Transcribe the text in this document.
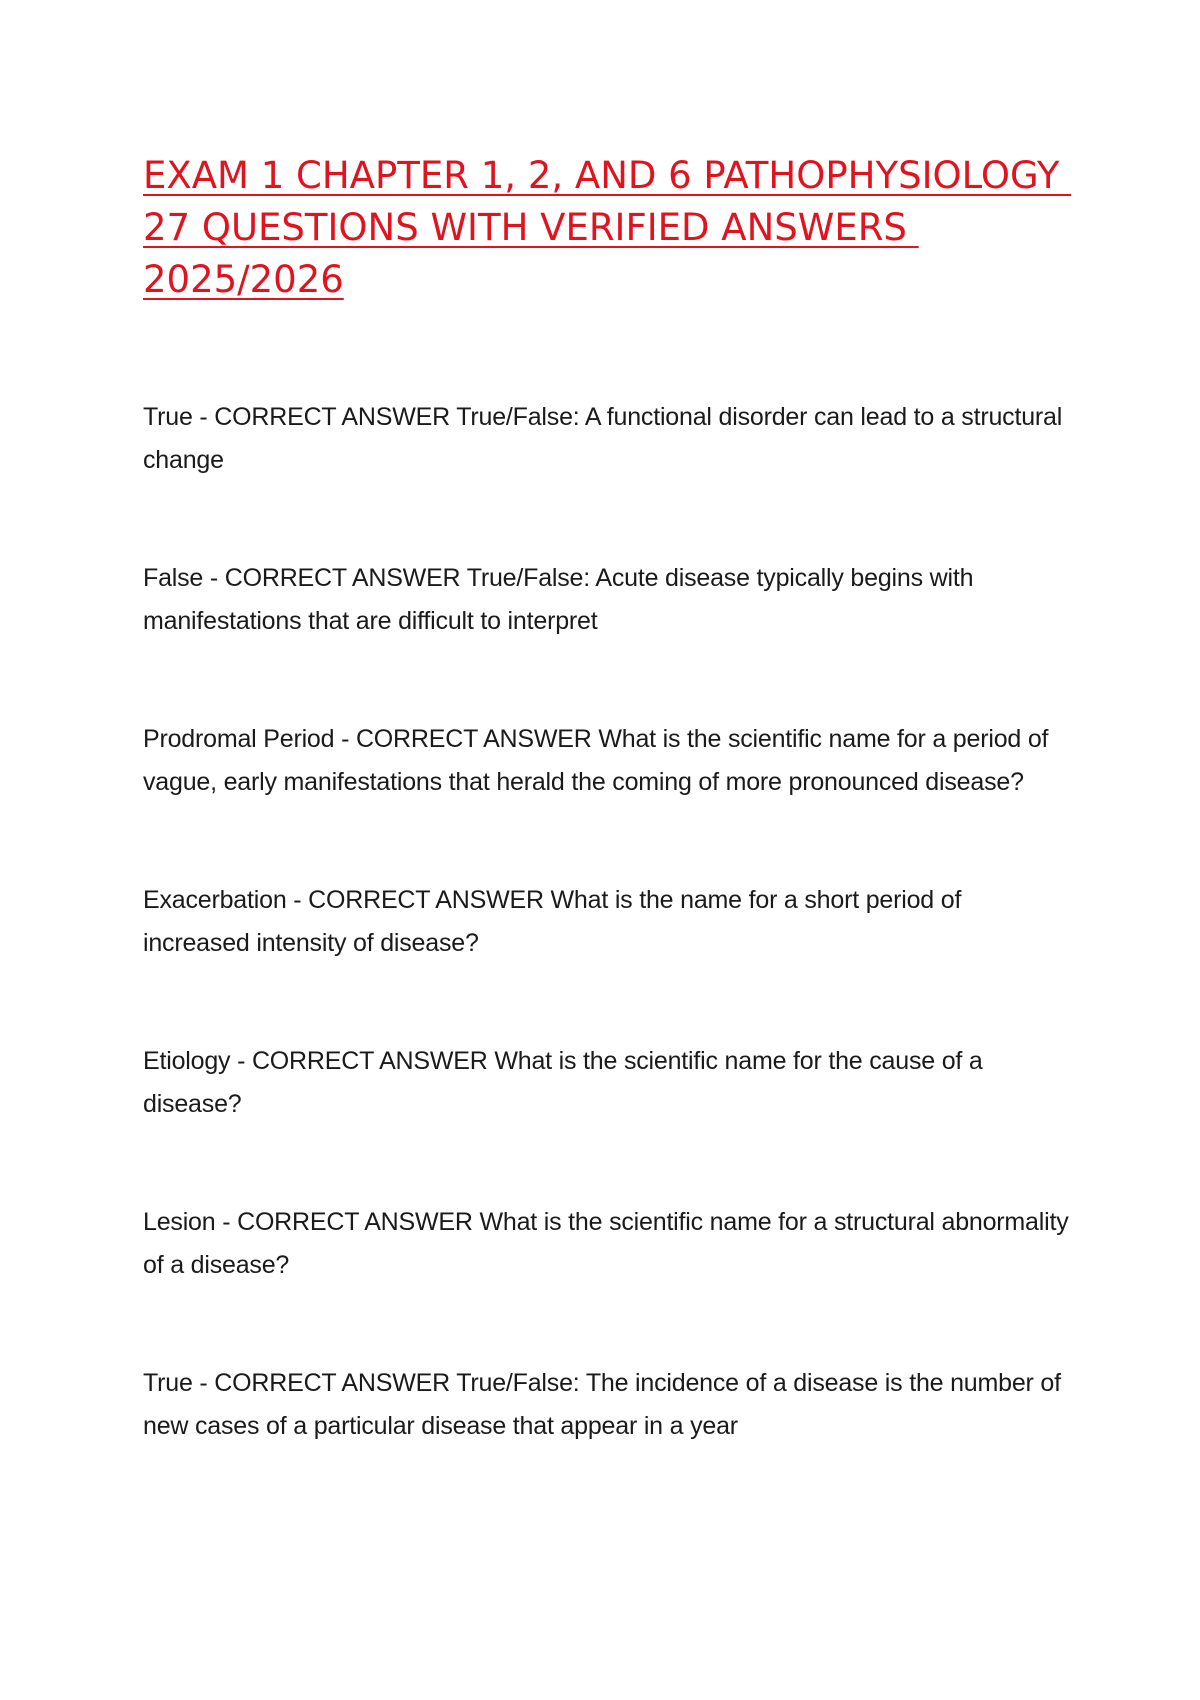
EXAM 1 CHAPTER 1, 2, AND 6 PATHOPHYSIOLOGY
27 QUESTIONS WITH VERIFIED ANSWERS
2025/2026

True - CORRECT ANSWER True/False: A functional disorder can lead to a structural change

False - CORRECT ANSWER True/False: Acute disease typically begins with manifestations that are difficult to interpret

Prodromal Period - CORRECT ANSWER What is the scientific name for a period of vague, early manifestations that herald the coming of more pronounced disease?

Exacerbation - CORRECT ANSWER What is the name for a short period of increased intensity of disease?

Etiology - CORRECT ANSWER What is the scientific name for the cause of a disease?

Lesion - CORRECT ANSWER What is the scientific name for a structural abnormality of a disease?

True - CORRECT ANSWER True/False: The incidence of a disease is the number of new cases of a particular disease that appear in a year
